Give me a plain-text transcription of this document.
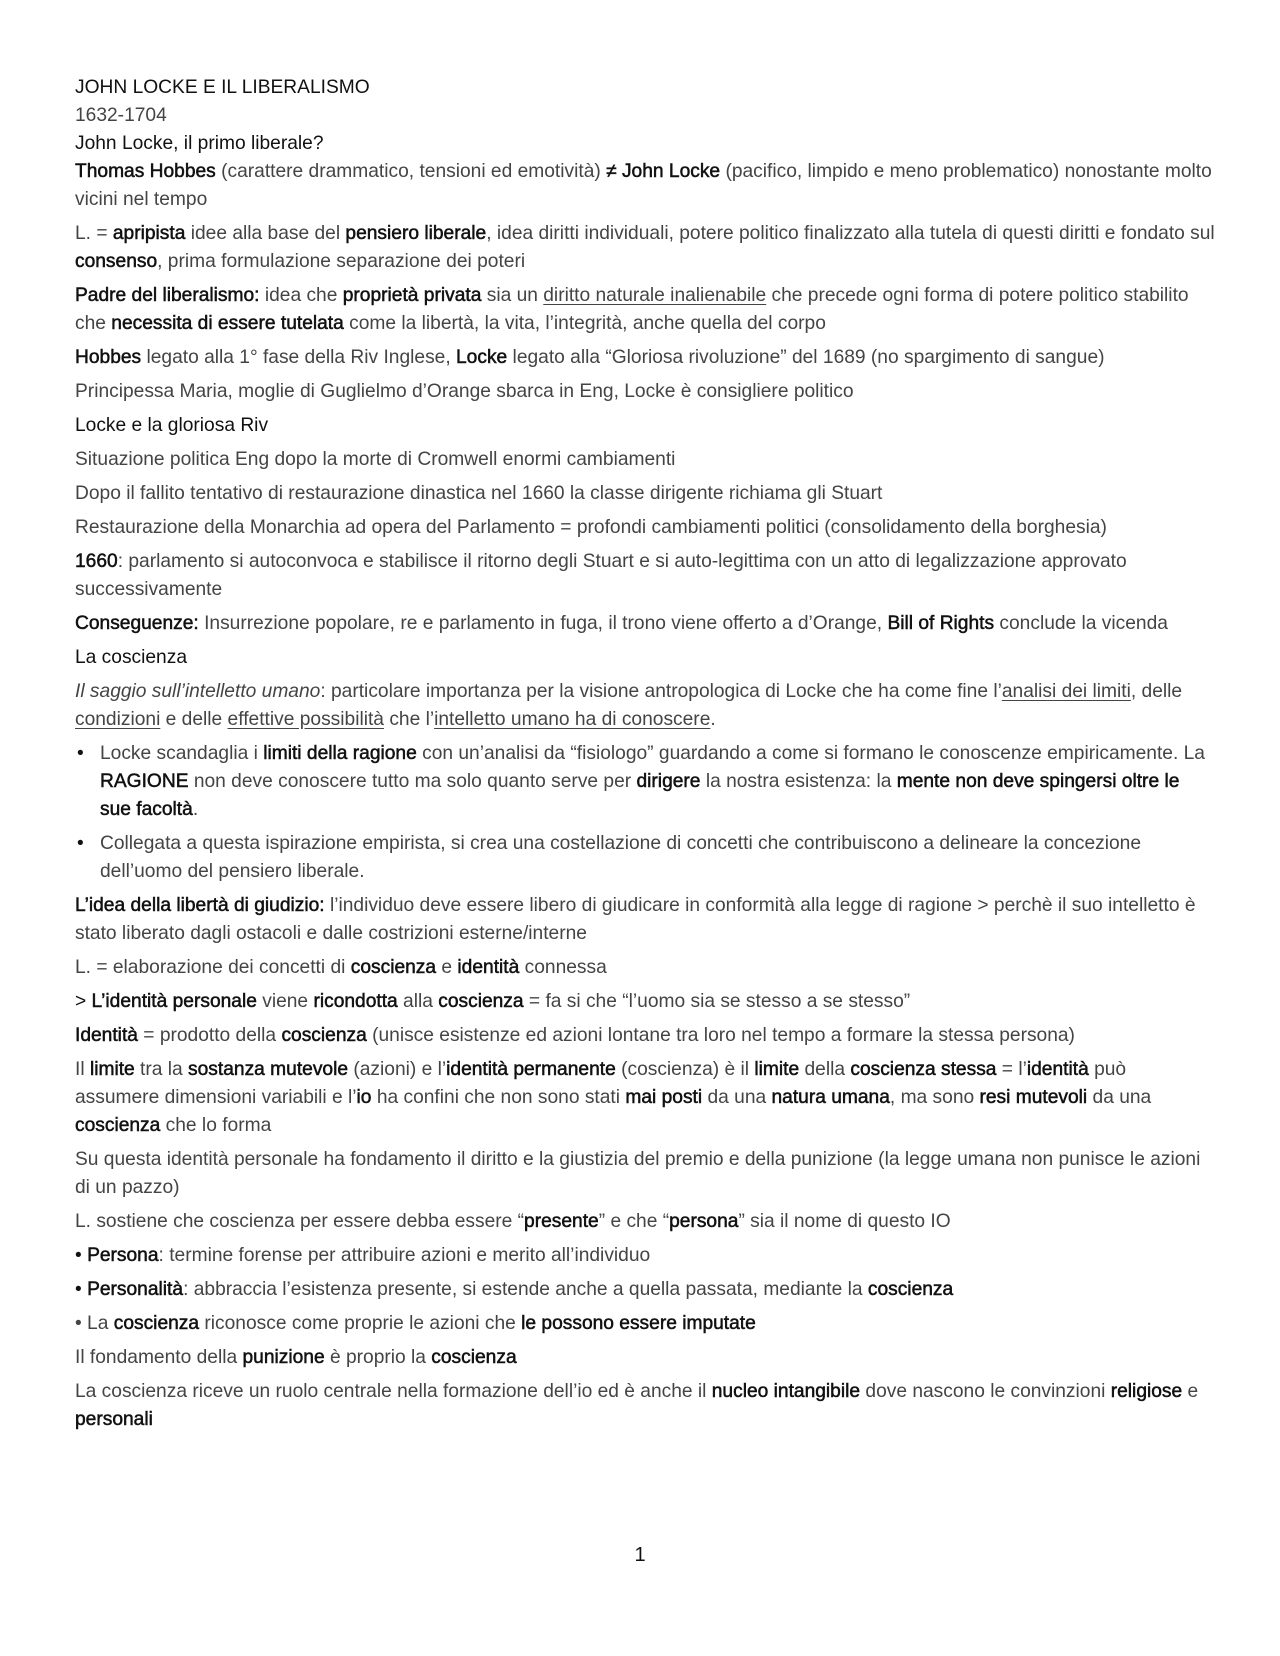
JOHN LOCKE E IL LIBERALISMO

1632-1704

John Locke, il primo liberale?

Thomas Hobbes (carattere drammatico, tensioni ed emotività) ≠ John Locke (pacifico, limpido e meno problematico) nonostante molto vicini nel tempo

L. = apripista idee alla base del pensiero liberale, idea diritti individuali, potere politico finalizzato alla tutela di questi diritti e fondato sul consenso, prima formulazione separazione dei poteri

Padre del liberalismo: idea che proprietà privata sia un diritto naturale inalienabile che precede ogni forma di potere politico stabilito che necessita di essere tutelata come la libertà, la vita, l’integrità, anche quella del corpo

Hobbes legato alla 1° fase della Riv Inglese, Locke legato alla “Gloriosa rivoluzione” del 1689 (no spargimento di sangue)

Principessa Maria, moglie di Guglielmo d’Orange sbarca in Eng, Locke è consigliere politico

Locke e la gloriosa Riv

Situazione politica Eng dopo la morte di Cromwell enormi cambiamenti

Dopo il fallito tentativo di restaurazione dinastica nel 1660 la classe dirigente richiama gli Stuart

Restaurazione della Monarchia ad opera del Parlamento = profondi cambiamenti politici (consolidamento della borghesia)

1660: parlamento si autoconvoca e stabilisce il ritorno degli Stuart e si auto-legittima con un atto di legalizzazione approvato successivamente

Conseguenze: Insurrezione popolare, re e parlamento in fuga, il trono viene offerto a d’Orange, Bill of Rights conclude la vicenda

La coscienza

Il saggio sull’intelletto umano: particolare importanza per la visione antropologica di Locke che ha come fine l’analisi dei limiti, delle condizioni e delle effettive possibilità che l’intelletto umano ha di conoscere.

• Locke scandaglia i limiti della ragione con un’analisi da “fisiologo” guardando a come si formano le conoscenze empiricamente. La RAGIONE non deve conoscere tutto ma solo quanto serve per dirigere la nostra esistenza: la mente non deve spingersi oltre le sue facoltà.
• Collegata a questa ispirazione empirista, si crea una costellazione di concetti che contribuiscono a delineare la concezione dell’uomo del pensiero liberale.

L’idea della libertà di giudizio: l’individuo deve essere libero di giudicare in conformità alla legge di ragione > perchè il suo intelletto è stato liberato dagli ostacoli e dalle costrizioni esterne/interne

L. = elaborazione dei concetti di coscienza e identità connessa

> L’identità personale viene ricondotta alla coscienza = fa si che “l’uomo sia se stesso a se stesso”

Identità = prodotto della coscienza (unisce esistenze ed azioni lontane tra loro nel tempo a formare la stessa persona)

Il limite tra la sostanza mutevole (azioni) e l’identità permanente (coscienza) è il limite della coscienza stessa = l’identità può assumere dimensioni variabili e l’io ha confini che non sono stati mai posti da una natura umana, ma sono resi mutevoli da una coscienza che lo forma

Su questa identità personale ha fondamento il diritto e la giustizia del premio e della punizione (la legge umana non punisce le azioni di un pazzo)

L. sostiene che coscienza per essere debba essere “presente” e che “persona” sia il nome di questo IO

• Persona: termine forense per attribuire azioni e merito all’individuo

• Personalità: abbraccia l’esistenza presente, si estende anche a quella passata, mediante la coscienza

• La coscienza riconosce come proprie le azioni che le possono essere imputate

Il fondamento della punizione è proprio la coscienza

La coscienza riceve un ruolo centrale nella formazione dell’io ed è anche il nucleo intangibile dove nascono le convinzioni religiose e personali

1
